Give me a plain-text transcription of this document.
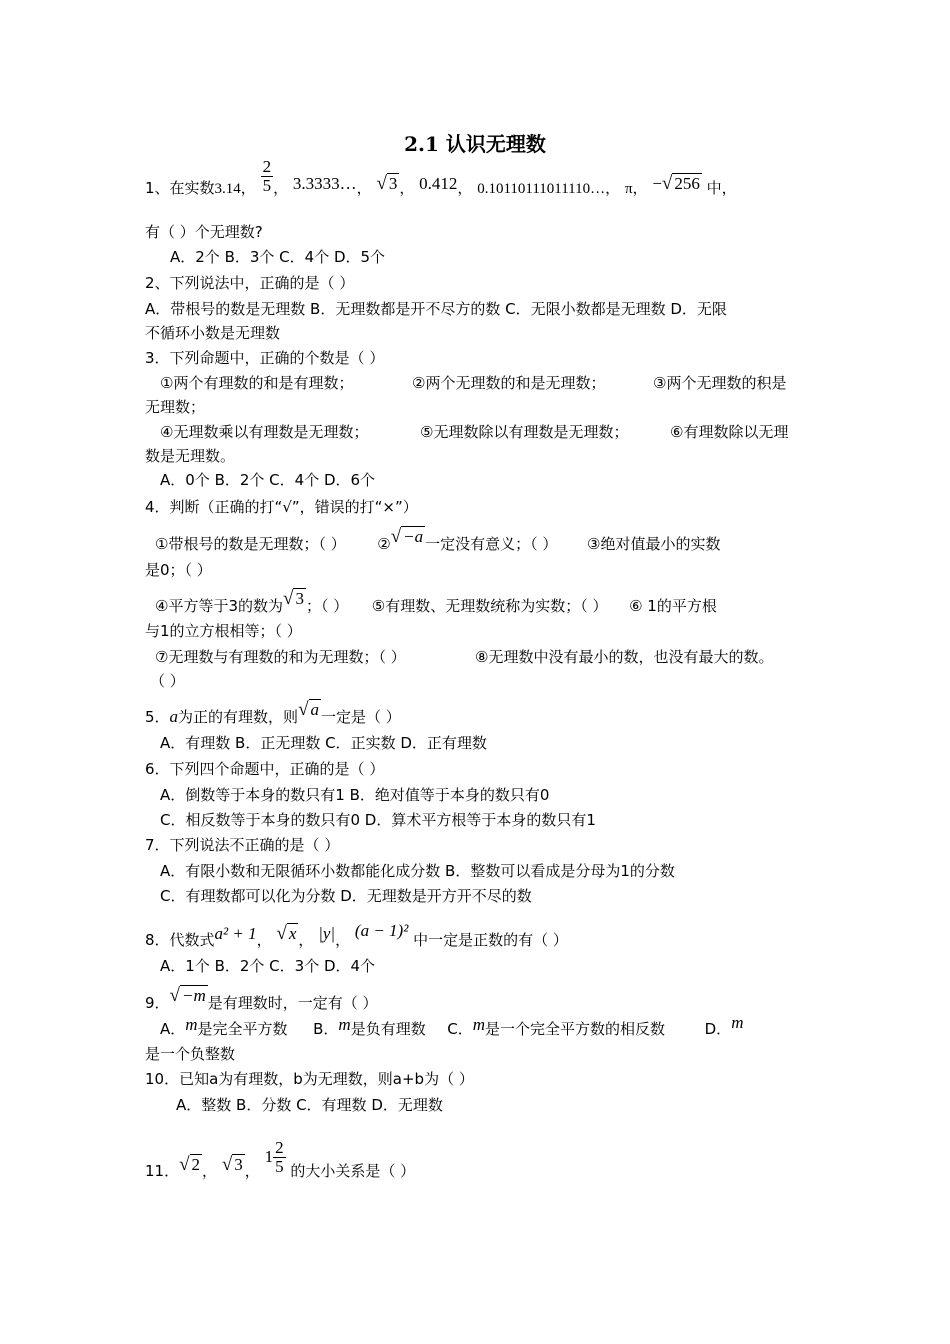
2.1 认识无理数
1、在实数3.14， $\frac{2}{5}$ ， 3.3333…， √ 3 ， 0.412， 0.10110111011110…， π， −√ 256 中，
有（ ）个无理数?
A．2个 B．3个 C．4个 D．5个
2、下列说法中，正确的是（ ）
A．带根号的数是无理数 B．无理数都是开不尽方的数 C．无限小数都是无理数 D．无限
不循环小数是无理数
3．下列命题中，正确的个数是（ ）
①两个有理数的和是有理数；	②两个无理数的和是无理数；	③两个无理数的积是
无理数；
④无理数乘以有理数是无理数；	⑤无理数除以有理数是无理数；	⑥有理数除以无理
数是无理数。
A．0个 B．2个 C．4个 D．6个
4．判断（正确的打“√”，错误的打“×”）
①带根号的数是无理数；（ ） ②√ −a 一定没有意义；（ ） ③绝对值最小的实数
是0；（ ）
④平方等于3的数为√ 3 ；（ ） ⑤有理数、无理数统称为实数；（ ） ⑥ 1的平方根
与1的立方根相等；（ ）
⑦无理数与有理数的和为无理数；（ ）	⑧无理数中没有最小的数，也没有最大的数。
（ ）
5．a为正的有理数，则√ a 一定是（ ）
A．有理数 B．正无理数 C．正实数 D．正有理数
6．下列四个命题中，正确的是（ ）
A．倒数等于本身的数只有1 B．绝对值等于本身的数只有0
C．相反数等于本身的数只有0 D．算术平方根等于本身的数只有1
7．下列说法不正确的是（ ）
A．有限小数和无限循环小数都能化成分数 B．整数可以看成是分母为1的分数
C．有理数都可以化为分数 D．无理数是开方开不尽的数
8．代数式a² + 1， √ x ， |y|， (a − 1)² 中一定是正数的有（ ）
A．1个 B．2个 C．3个 D．4个
9．√ −m 是有理数时，一定有（ ）
A．m是完全平方数 B．m是负有理数 C．m是一个完全平方数的相反数	D．m
是一个负整数
10．已知a为有理数，b为无理数，则a+b为（ ）
A．整数 B．分数 C．有理数 D．无理数
11．√ 2 ， √ 3 ， $1 \frac{2}{5}$ 的大小关系是（ ）
